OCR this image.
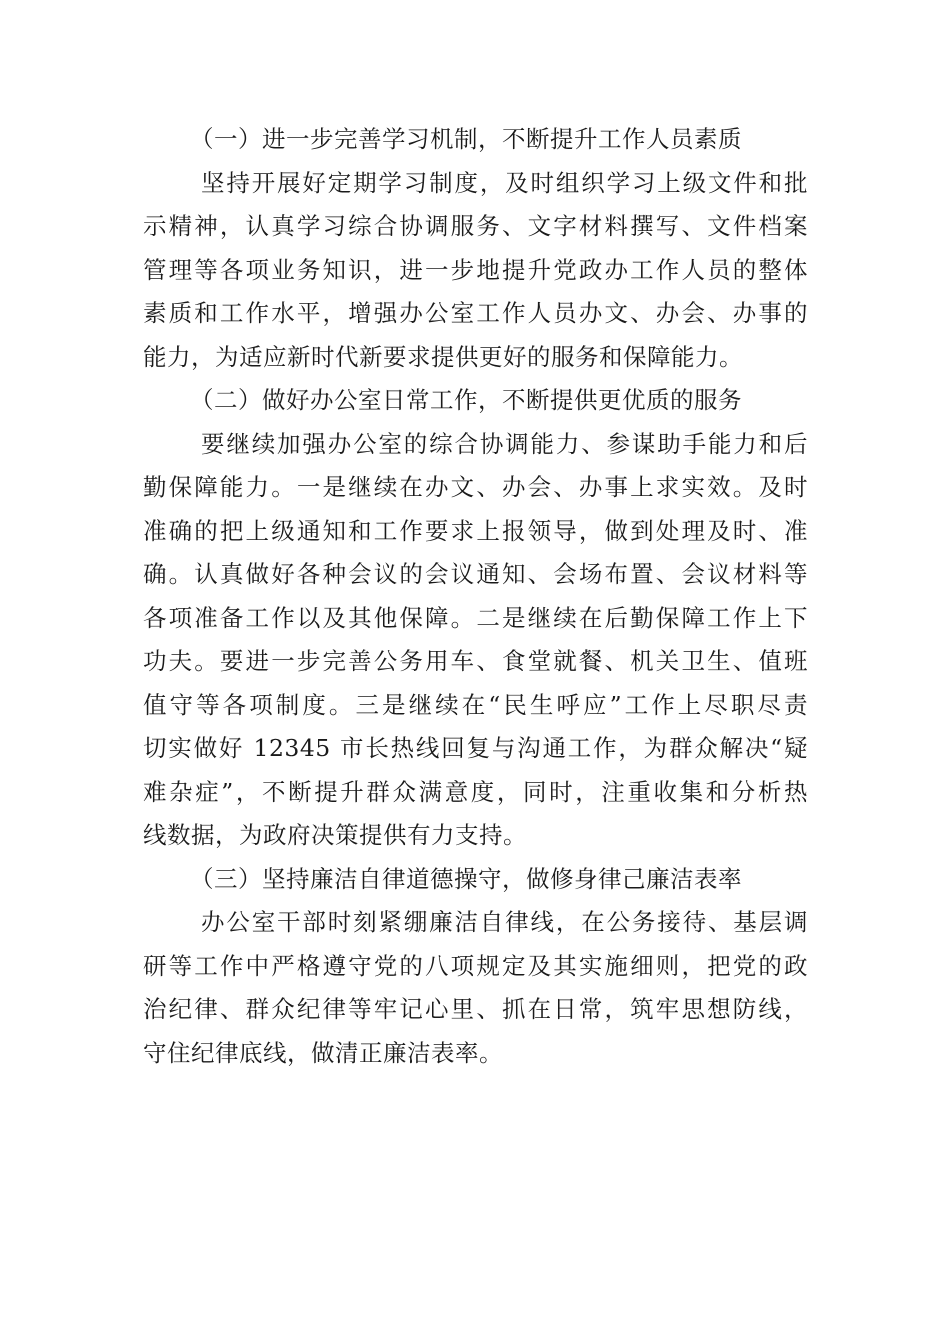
（一）进一步完善学习机制，不断提升工作人员素质
坚持开展好定期学习制度，及时组织学习上级文件和批
示精神，认真学习综合协调服务、文字材料撰写、文件档案
管理等各项业务知识，进一步地提升党政办工作人员的整体
素质和工作水平，增强办公室工作人员办文、办会、办事的
能力，为适应新时代新要求提供更好的服务和保障能力。
（二）做好办公室日常工作，不断提供更优质的服务
要继续加强办公室的综合协调能力、参谋助手能力和后
勤保障能力。一是继续在办文、办会、办事上求实效。及时
准确的把上级通知和工作要求上报领导，做到处理及时、准
确。认真做好各种会议的会议通知、会场布置、会议材料等
各项准备工作以及其他保障。二是继续在后勤保障工作上下
功夫。要进一步完善公务用车、食堂就餐、机关卫生、值班
值守等各项制度。三是继续在“民生呼应”工作上尽职尽责
切实做好 12345 市长热线回复与沟通工作，为群众解决“疑
难杂症”，不断提升群众满意度，同时，注重收集和分析热
线数据，为政府决策提供有力支持。
（三）坚持廉洁自律道德操守，做修身律己廉洁表率
办公室干部时刻紧绷廉洁自律线，在公务接待、基层调
研等工作中严格遵守党的八项规定及其实施细则，把党的政
治纪律、群众纪律等牢记心里、抓在日常，筑牢思想防线，
守住纪律底线，做清正廉洁表率。
